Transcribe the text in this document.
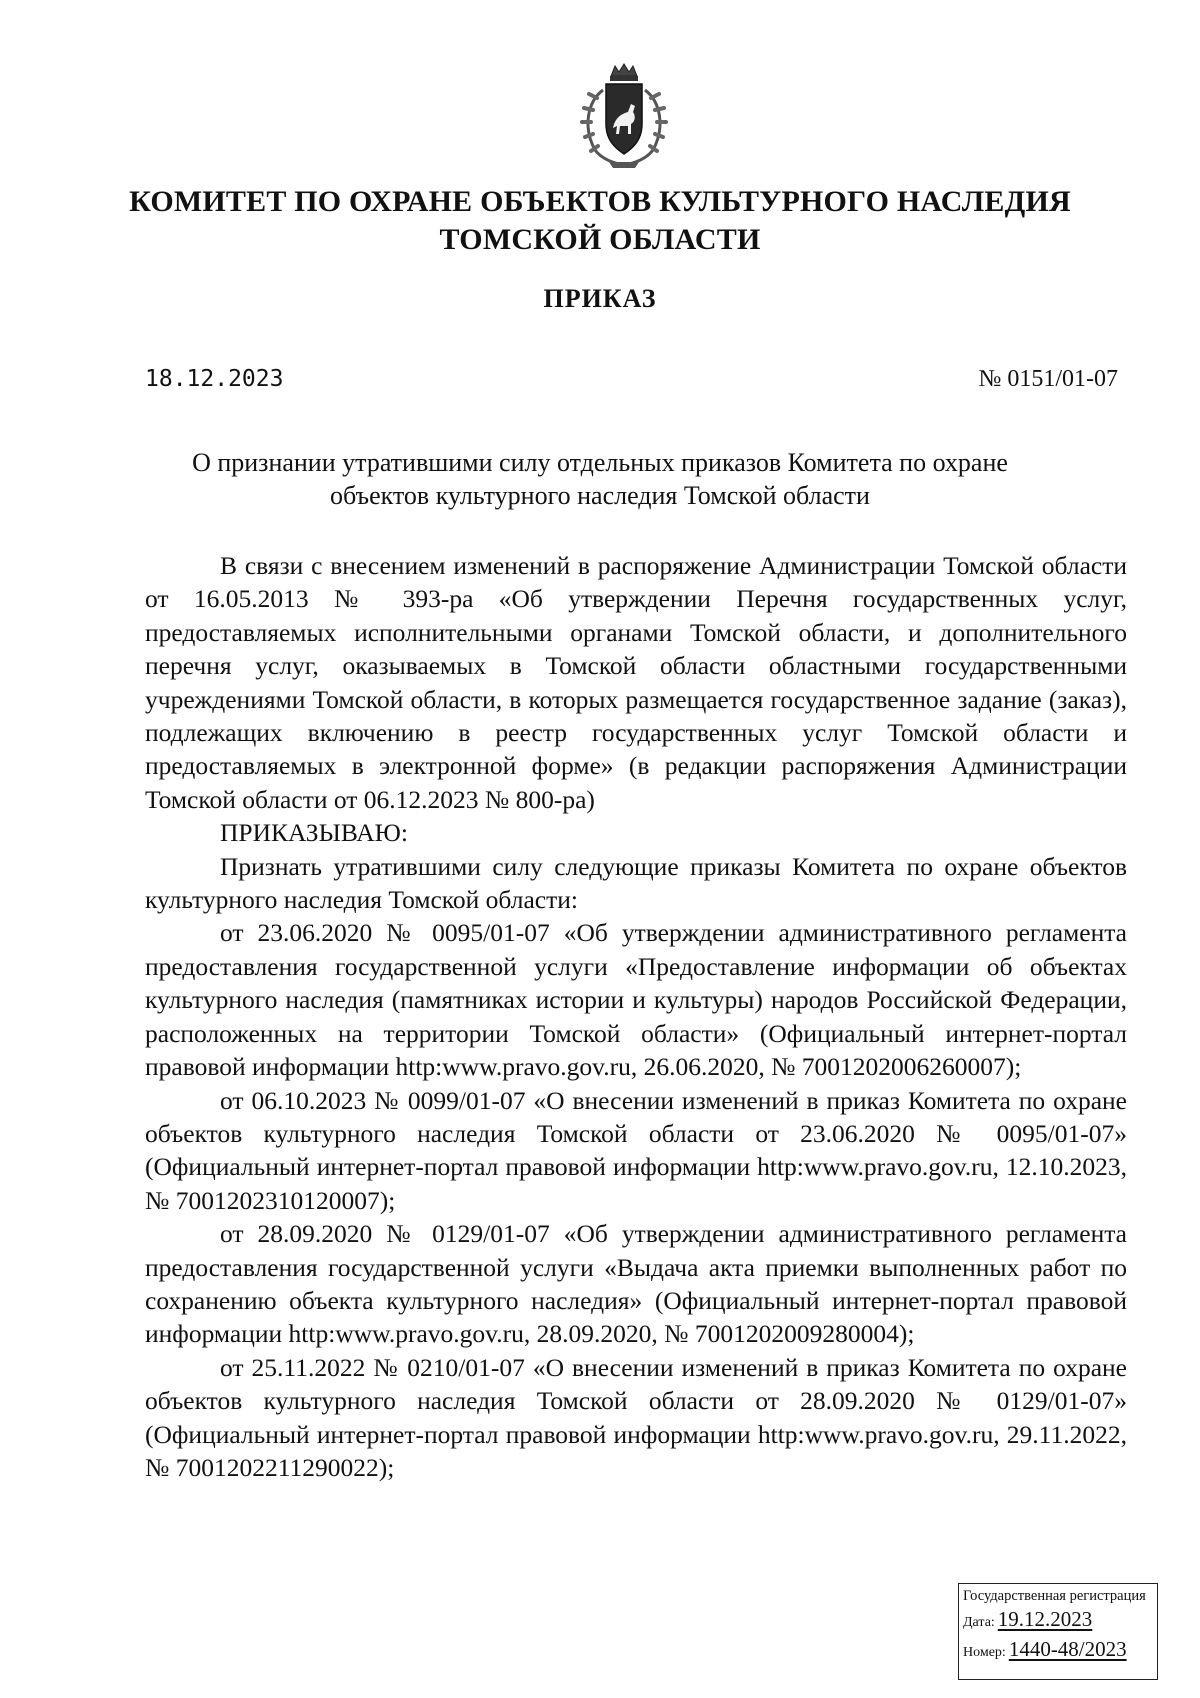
КОМИТЕТ ПО ОХРАНЕ ОБЪЕКТОВ КУЛЬТУРНОГО НАСЛЕДИЯ
ТОМСКОЙ ОБЛАСТИ
ПРИКАЗ
18.12.2023	№ 0151/01-07
О признании утратившими силу отдельных приказов Комитета по охране
объектов культурного наследия Томской области

В связи с внесением изменений в распоряжение Администрации Томской области от 16.05.2013 № 393-ра «Об утверждении Перечня государственных услуг, предоставляемых исполнительными органами Томской области, и дополнительного перечня услуг, оказываемых в Томской области областными государственными учреждениями Томской области, в которых размещается государственное задание (заказ), подлежащих включению в реестр государственных услуг Томской области и предоставляемых в электронной форме» (в редакции распоряжения Администрации Томской области от 06.12.2023 № 800-ра)

ПРИКАЗЫВАЮ:

Признать утратившими силу следующие приказы Комитета по охране объектов культурного наследия Томской области:

от 23.06.2020 № 0095/01-07 «Об утверждении административного регламента предоставления государственной услуги «Предоставление информации об объектах культурного наследия (памятниках истории и культуры) народов Российской Федерации, расположенных на территории Томской области» (Официальный интернет-портал правовой информации http:www.pravo.gov.ru, 26.06.2020, № 7001202006260007);

от 06.10.2023 № 0099/01-07 «О внесении изменений в приказ Комитета по охране объектов культурного наследия Томской области от 23.06.2020 № 0095/01-07» (Официальный интернет-портал правовой информации http:www.pravo.gov.ru, 12.10.2023, № 7001202310120007);

от 28.09.2020 № 0129/01-07 «Об утверждении административного регламента предоставления государственной услуги «Выдача акта приемки выполненных работ по сохранению объекта культурного наследия» (Официальный интернет-портал правовой информации http:www.pravo.gov.ru, 28.09.2020, № 7001202009280004);

от 25.11.2022 № 0210/01-07 «О внесении изменений в приказ Комитета по охране объектов культурного наследия Томской области от 28.09.2020 № 0129/01-07» (Официальный интернет-портал правовой информации http:www.pravo.gov.ru, 29.11.2022, № 7001202211290022);

Государственная регистрация
Дата: 19.12.2023
Номер: 1440-48/2023
